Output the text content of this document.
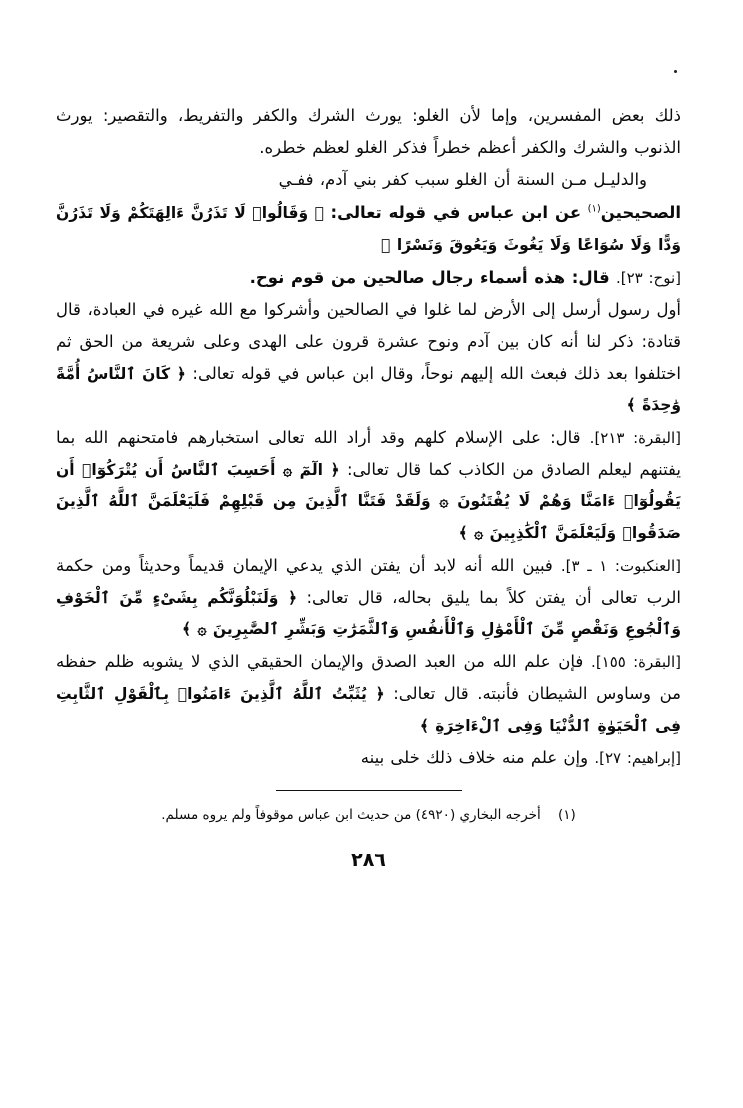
ذلك بعض المفسرين، وإما لأن الغلو: يورث الشرك والكفر والتفريط، والتقصير: يورث الذنوب والشرك والكفر أعظم خطراً فذكر الغلو لعظم خطره.

والدليـل مـن السنة أن الغلو سبب كفر بني آدم، ففـي

الصحيحين$^{(١)}$ عن ابن عباس في قوله تعالى: ﴿ وَقَالُوا۟ لَا تَذَرُنَّ ءَالِهَتَكُمْ وَلَا تَذَرُنَّ وَدًّا وَلَا سُوَاعًا وَلَا يَغُوثَ وَيَعُوقَ وَنَسْرًا ﴾

[نوح: ٢٣]. قال: هذه أسماء رجال صالحين من قوم نوح.

أول رسول أرسل إلى الأرض لما غلوا في الصالحين وأشركوا مع الله غيره في العبادة، قال قتادة: ذكر لنا أنه كان بين آدم ونوح عشرة قرون على الهدى وعلى شريعة من الحق ثم اختلفوا بعد ذلك فبعث الله إليهم نوحاً، وقال ابن عباس في قوله تعالى: ﴿ كَانَ ٱلنَّاسُ أُمَّةً وَٰحِدَةً ﴾

[البقرة: ٢١٣]. قال: على الإسلام كلهم وقد أراد الله تعالى استخبارهم فامتحنهم الله بما يفتنهم ليعلم الصادق من الكاذب كما قال تعالى: ﴿ الٓمٓ ۞ أَحَسِبَ ٱلنَّاسُ أَن يُتْرَكُوٓا۟ أَن يَقُولُوٓا۟ ءَامَنَّا وَهُمْ لَا يُفْتَنُونَ ۞ وَلَقَدْ فَتَنَّا ٱلَّذِينَ مِن قَبْلِهِمْ فَلَيَعْلَمَنَّ ٱللَّهُ ٱلَّذِينَ صَدَقُوا۟ وَلَيَعْلَمَنَّ ٱلْكَٰذِبِينَ ۞ ﴾

[العنكبوت: ١ ـ ٣]. فبين الله أنه لابد أن يفتن الذي يدعي الإيمان قديماً وحديثاً ومن حكمة الرب تعالى أن يفتن كلاً بما يليق بحاله، قال تعالى: ﴿ وَلَنَبْلُوَنَّكُم بِشَىْءٍ مِّنَ ٱلْخَوْفِ وَٱلْجُوعِ وَنَقْصٍ مِّنَ ٱلْأَمْوَٰلِ وَٱلْأَنفُسِ وَٱلثَّمَرَٰتِ وَبَشِّرِ ٱلصَّٰبِرِينَ ۞ ﴾

[البقرة: ١٥٥]. فإن علم الله من العبد الصدق والإيمان الحقيقي الذي لا يشوبه ظلم حفظه من وساوس الشيطان فأنبته. قال تعالى: ﴿ يُثَبِّتُ ٱللَّهُ ٱلَّذِينَ ءَامَنُوا۟ بِٱلْقَوْلِ ٱلثَّابِتِ فِى ٱلْحَيَوٰةِ ٱلدُّنْيَا وَفِى ٱلْءَاخِرَةِ ﴾

[إبراهيم: ٢٧]. وإن علم منه خلاف ذلك خلى بينه

(١)    أخرجه البخاري (٤٩٢٠) من حديث ابن عباس موقوفاً ولم يروه مسلم.
٢٨٦
